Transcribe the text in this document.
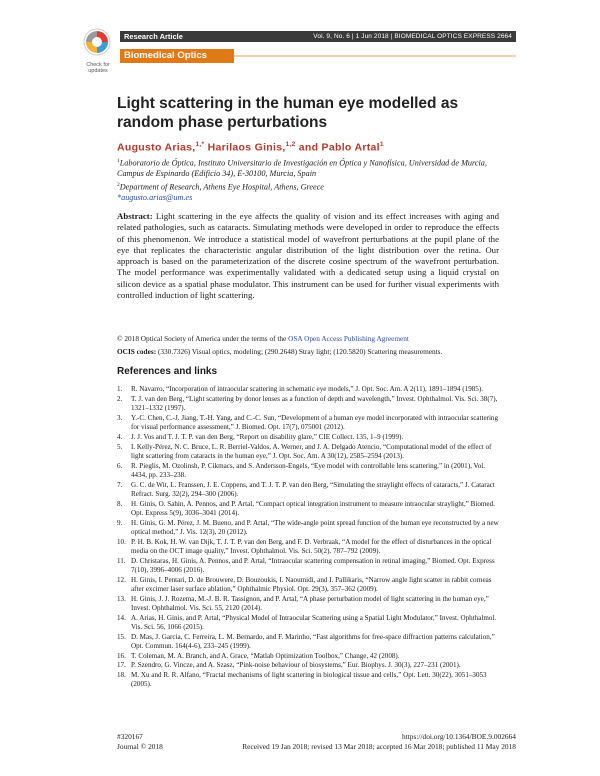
Check for updates
Research Article	Vol. 9, No. 6 | 1 Jun 2018 | BIOMEDICAL OPTICS EXPRESS 2664
Biomedical Optics EXPRESS
Light scattering in the human eye modelled as random phase perturbations
Augusto Arias,$^{1,*}$ Harilaos Ginis,$^{1,2}$ and Pablo Artal$^1$
$^1$Laboratorio de Óptica, Instituto Universitario de Investigación en Óptica y Nanofísica, Universidad de Murcia, Campus de Espinardo (Edificio 34), E-30100, Murcia, Spain
$^2$Department of Research, Athens Eye Hospital, Athens, Greece
*augusto.arias@um.es
Abstract: Light scattering in the eye affects the quality of vision and its effect increases with aging and related pathologies, such as cataracts. Simulating methods were developed in order to reproduce the effects of this phenomenon. We introduce a statistical model of wavefront perturbations at the pupil plane of the eye that replicates the characteristic angular distribution of the light distribution over the retina. Our approach is based on the parameterization of the discrete cosine spectrum of the wavefront perturbation. The model performance was experimentally validated with a dedicated setup using a liquid crystal on silicon device as a spatial phase modulator. This instrument can be used for further visual experiments with controlled induction of light scattering.
© 2018 Optical Society of America under the terms of the OSA Open Access Publishing Agreement
OCIS codes: (330.7326) Visual optics, modeling; (290.2648) Stray light; (120.5820) Scattering measurements.
References and links
1. R. Navarro, “Incorporation of intraocular scattering in schematic eye models,” J. Opt. Soc. Am. A 2(11), 1891–1894 (1985).
2. T. J. van den Berg, “Light scattering by donor lenses as a function of depth and wavelength,” Invest. Ophthalmol. Vis. Sci. 38(7), 1321–1332 (1997).
3. Y.-C. Chen, C.-J. Jiang, T.-H. Yang, and C.-C. Sun, “Development of a human eye model incorporated with intraocular scattering for visual performance assessment,” J. Biomed. Opt. 17(7), 075001 (2012).
4. J. J. Vos and T. J. T. P. van den Berg, “Report on disability glare,” CIE Collect. 135, 1–9 (1999).
5. I. Kelly-Pérez, N. C. Bruce, L. R. Berriel-Valdos, A. Werner, and J. A. Delgado Atencio, “Computational model of the effect of light scattering from cataracts in the human eye,” J. Opt. Soc. Am. A 30(12), 2585–2594 (2013).
6. R. Pieglis, M. Ozolinsh, P. Cikmacs, and S. Andersson-Engels, “Eye model with controllable lens scattering,” in (2001), Vol. 4434, pp. 233–238.
7. G. C. de Wit, L. Franssen, J. E. Coppens, and T. J. T. P. van den Berg, “Simulating the straylight effects of cataracts,” J. Cataract Refract. Surg. 32(2), 294–300 (2006).
8. H. Ginis, O. Sahin, A. Pennos, and P. Artal, “Compact optical integration instrument to measure intraocular straylight,” Biomed. Opt. Express 5(9), 3036–3041 (2014).
9. H. Ginis, G. M. Pérez, J. M. Bueno, and P. Artal, “The wide-angle point spread function of the human eye reconstructed by a new optical method,” J. Vis. 12(3), 20 (2012).
10. P. H. B. Kok, H. W. van Dijk, T. J. T. P. van den Berg, and F. D. Verbraak, “A model for the effect of disturbances in the optical media on the OCT image quality,” Invest. Ophthalmol. Vis. Sci. 50(2), 787–792 (2009).
11. D. Christaras, H. Ginis, A. Pennos, and P. Artal, “Intraocular scattering compensation in retinal imaging,” Biomed. Opt. Express 7(10), 3996–4006 (2016).
12. H. Ginis, I. Pentari, D. de Brouwere, D. Bouzoukis, I. Naoumidi, and I. Pallikaris, “Narrow angle light scatter in rabbit corneas after excimer laser surface ablation,” Ophthalmic Physiol. Opt. 29(3), 357–362 (2009).
13. H. Ginis, J. J. Rozema, M.-J. B. R. Tassignon, and P. Artal, “A phase perturbation model of light scattering in the human eye,” Invest. Ophthalmol. Vis. Sci. 55, 2120 (2014).
14. A. Arias, H. Ginis, and P. Artal, “Physical Model of Intraocular Scattering using a Spatial Light Modulator,” Invest. Ophthalmol. Vis. Sci. 56, 1066 (2015).
15. D. Mas, J. Garcia, C. Ferreira, L. M. Bernardo, and F. Marinho, “Fast algorithms for free-space diffraction patterns calculation,” Opt. Commun. 164(4-6), 233–245 (1999).
16. T. Coleman, M. A. Branch, and A. Grace, “Matlab Optimization Toolbox,” Change, 42 (2008).
17. P. Szendro, G. Vincze, and A. Szasz, “Pink-noise behaviour of biosystems,” Eur. Biophys. J. 30(3), 227–231 (2001).
18. M. Xu and R. R. Alfano, “Fractal mechanisms of light scattering in biological tissue and cells,” Opt. Lett. 30(22), 3051–3053 (2005).
#320167
Journal © 2018
https://doi.org/10.1364/BOE.9.002664
Received 19 Jan 2018; revised 13 Mar 2018; accepted 16 Mar 2018; published 11 May 2018
